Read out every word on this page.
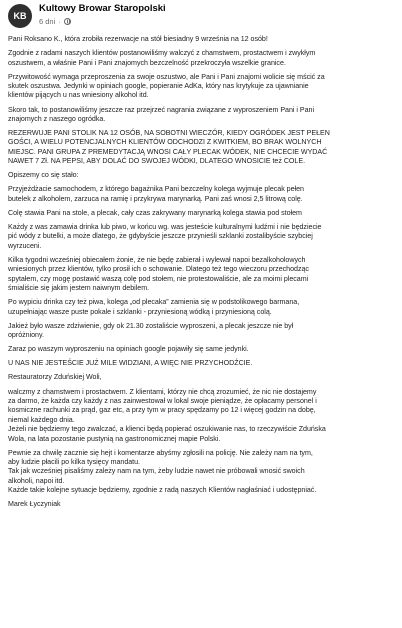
KB
Kultowy Browar Staropolski
6 dni ·

Pani Roksano K., która zrobiła rezerwacje na stół biesiadny 9 września na 12 osób!

Zgodnie z radami naszych klientów postanowiliśmy walczyć z chamstwem, prostactwem i zwykłym
oszustwem, a właśnie Pani i Pani znajomych bezczelność przekroczyła wszelkie granice.

Przywitowość wymaga przeproszenia za swoje oszustwo, ale Pani i Pani znajomi wolicie się mścić za
skutek oszustwa. Jedynki w opiniach google, popieranie AdKa, który nas krytykuje za ujawnianie
klientów pijących u nas wniesiony alkohol itd.

Skoro tak, to postanowiliśmy jeszcze raz przejrzeć nagrania związane z wyproszeniem Pani i Pani
znajomych z naszego ogródka.

REZERWUJE PANI STOLIK NA 12 OSÓB, NA SOBOTNI WIECZÓR, KIEDY OGRÓDEK JEST PEŁEN
GOŚCI, A WIELU POTENCJALNYCH KLIENTÓW ODCHODZI Z KWITKIEM, BO BRAK WOLNYCH
MIEJSC. PANI GRUPA Z PREMEDYTACJĄ WNOSI CAŁY PLECAK WÓDEK, NIE CHCECIE WYDAĆ
NAWET 7 Zł. NA PEPSI, ABY DOLAĆ DO SWOJEJ WÓDKI, DLATEGO WNOSICIE też COLE.

Opiszemy co się stało:

Przyjeżdżacie samochodem, z którego bagażnika Pani bezczelny kolega wyjmuje plecak pełen
butelek z alkoholem, zarzuca na ramię i przykrywa marynarką. Pani zaś wnosi 2,5 litrową colę.

Colę stawia Pani na stole, a plecak, cały czas zakrywany marynarką kolega stawia pod stołem

Każdy z was zamawia drinka lub piwo, w końcu wg. was jesteście kulturalnymi ludźmi i nie będziecie
pić wódy z butelki, a może dlatego, że gdybyście jeszcze przynieśli szklanki zostalibyście szybciej
wyrzuceni.

Kilka tygodni wcześniej obiecałem żonie, że nie będę zabierał i wylewał napoi bezalkoholowych
wniesionych przez klientów, tylko prosił ich o schowanie. Dlatego też tego wieczoru przechodząc
spytałem, czy mogę postawić waszą colę pod stołem, nie protestowaliście, ale za moimi plecami
śmialiście się jakim jestem naiwnym debilem.

Po wypiciu drinka czy też piwa, kolega „od plecaka” zamienia się w podstolikowego barmana,
uzupełniając wasze puste pokale i szklanki - przyniesioną wódką i przyniesioną colą.

Jakież było wasze zdziwienie, gdy ok 21.30 zostaliście wyproszeni, a plecak jeszcze nie był
opróżniony.

Zaraz po waszym wyproszeniu na opiniach google pojawiły się same jedynki.

U NAS NIE JESTEŚCIE JUŻ MILE WIDZIANI, A WIĘC NIE PRZYCHODŹCIE.

Restauratorzy Zduńskiej Woli,

walczmy z chamstwem i prostactwem. Z klientami, którzy nie chcą zrozumieć, że nic nie dostajemy
za darmo, że każda czy każdy z nas zainwestował w lokal swoje pieniądze, że opłacamy personel i
kosmiczne rachunki za prąd, gaz etc, a przy tym w pracy spędzamy po 12 i więcej godzin na dobę,
niemal każdego dnia.
Jeżeli nie będziemy tego zwalczać, a klienci będą popierać oszukiwanie nas, to rzeczywiście Zduńska
Wola, na lata pozostanie pustynią na gastronomicznej mapie Polski.

Pewnie za chwilę zacznie się hejt i komentarze abyśmy zgłosili na policję. Nie zależy nam na tym,
aby ludzie płacili po kilka tysięcy mandatu.
Tak jak wcześniej pisaliśmy zależy nam na tym, żeby ludzie nawet nie próbowali wnosić swoich
alkoholi, napoi itd.
Każde takie kolejne sytuacje będziemy, zgodnie z radą naszych Klientów nagłaśniać i udostępniać.

Marek Łyczyniak
